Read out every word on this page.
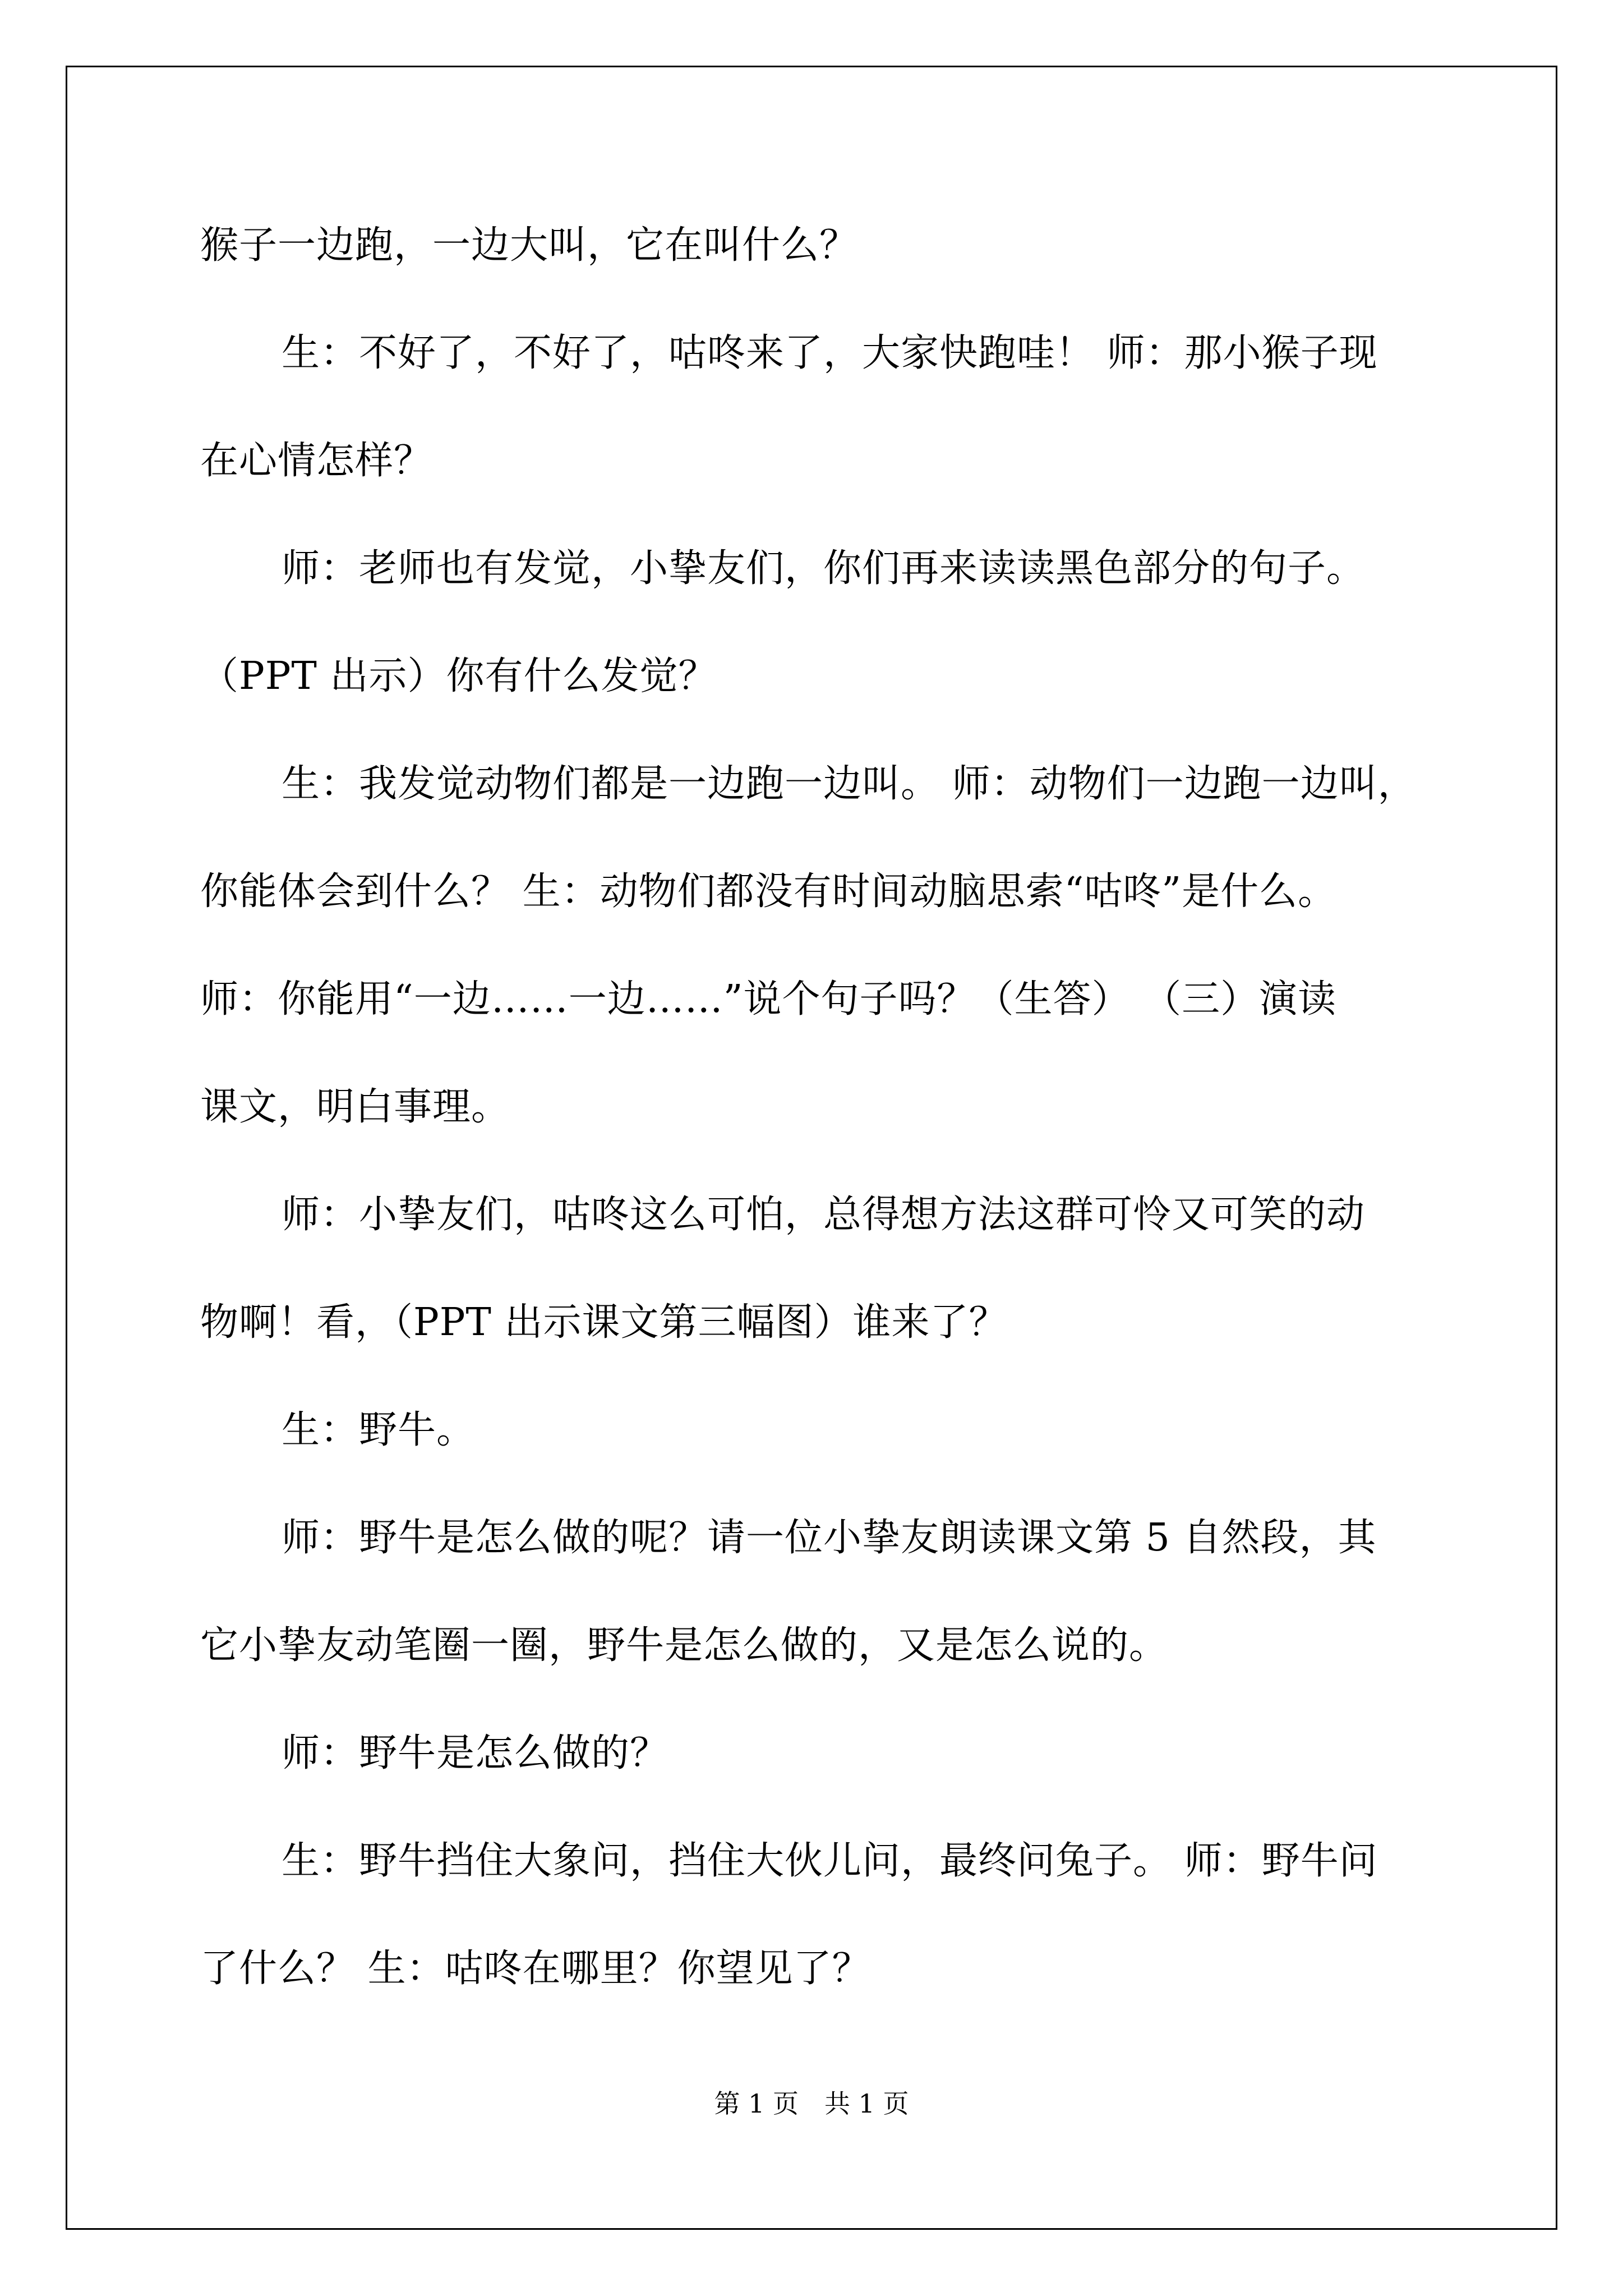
猴子一边跑，一边大叫，它在叫什么？
生：不好了，不好了，咕咚来了，大家快跑哇！ 师：那小猴子现
在心情怎样？
师：老师也有发觉，小挚友们，你们再来读读黑色部分的句子。
（PPT 出示）你有什么发觉？
生：我发觉动物们都是一边跑一边叫。 师：动物们一边跑一边叫，
你能体会到什么？ 生：动物们都没有时间动脑思索“咕咚”是什么。
师：你能用“一边……一边……”说个句子吗？（生答） （三）演读
课文，明白事理。
师：小挚友们，咕咚这么可怕，总得想方法这群可怜又可笑的动
物啊！看，（PPT 出示课文第三幅图）谁来了？
生：野牛。
师：野牛是怎么做的呢？请一位小挚友朗读课文第 5 自然段，其
它小挚友动笔圈一圈，野牛是怎么做的，又是怎么说的。
师：野牛是怎么做的？
生：野牛挡住大象问，挡住大伙儿问，最终问兔子。 师：野牛问
了什么？ 生：咕咚在哪里？你望见了？
第 1 页　共 1 页
